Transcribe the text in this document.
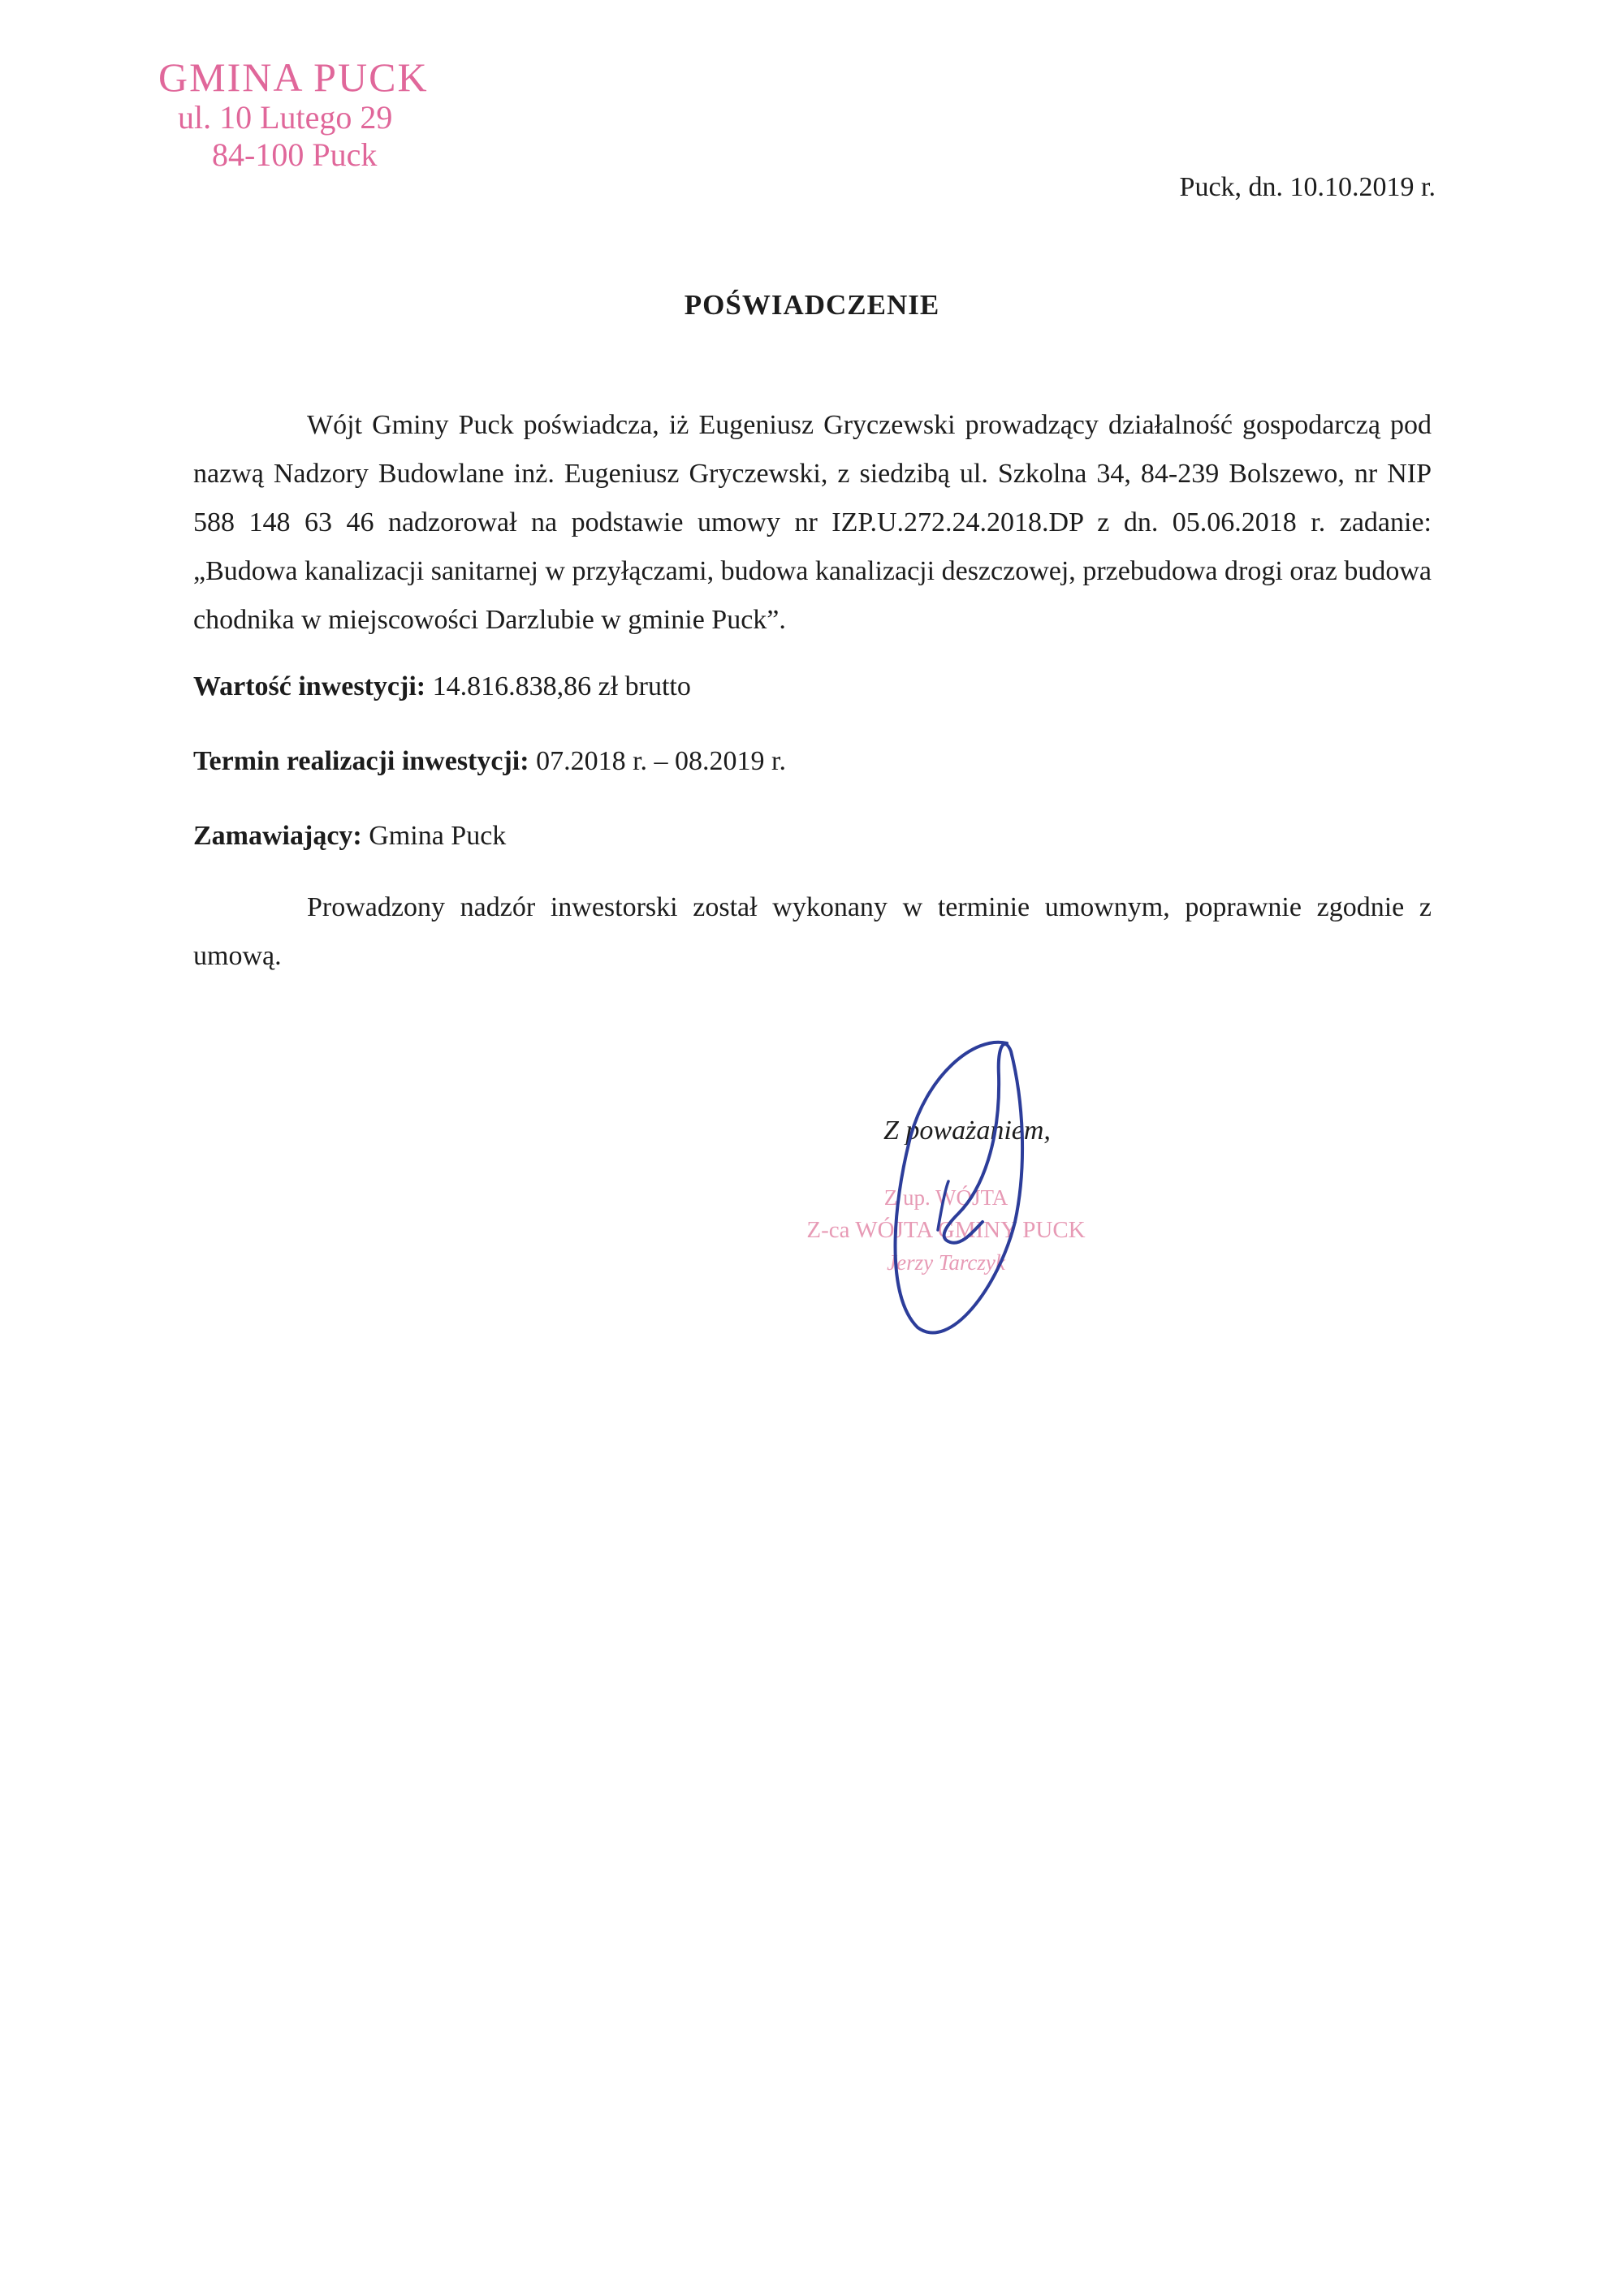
GMINA PUCK
ul. 10 Lutego 29
84-100 Puck
Puck, dn. 10.10.2019 r.
POŚWIADCZENIE

Wójt Gminy Puck poświadcza, iż Eugeniusz Gryczewski prowadzący działalność gospodarczą pod nazwą Nadzory Budowlane inż. Eugeniusz Gryczewski, z siedzibą ul. Szkolna 34, 84-239 Bolszewo, nr NIP 588 148 63 46 nadzorował na podstawie umowy nr IZP.U.272.24.2018.DP z dn. 05.06.2018 r. zadanie: „Budowa kanalizacji sanitarnej w przyłączami, budowa kanalizacji deszczowej, przebudowa drogi oraz budowa chodnika w miejscowości Darzlubie w gminie Puck”.

Wartość inwestycji: 14.816.838,86 zł brutto

Termin realizacji inwestycji: 07.2018 r. – 08.2019 r.

Zamawiający: Gmina Puck

Prowadzony nadzór inwestorski został wykonany w terminie umownym, poprawnie zgodnie z umową.

Z poważaniem,
Z up. WÓJTA
Z-ca WÓJTA GMINY PUCK
Jerzy Tarczyk
